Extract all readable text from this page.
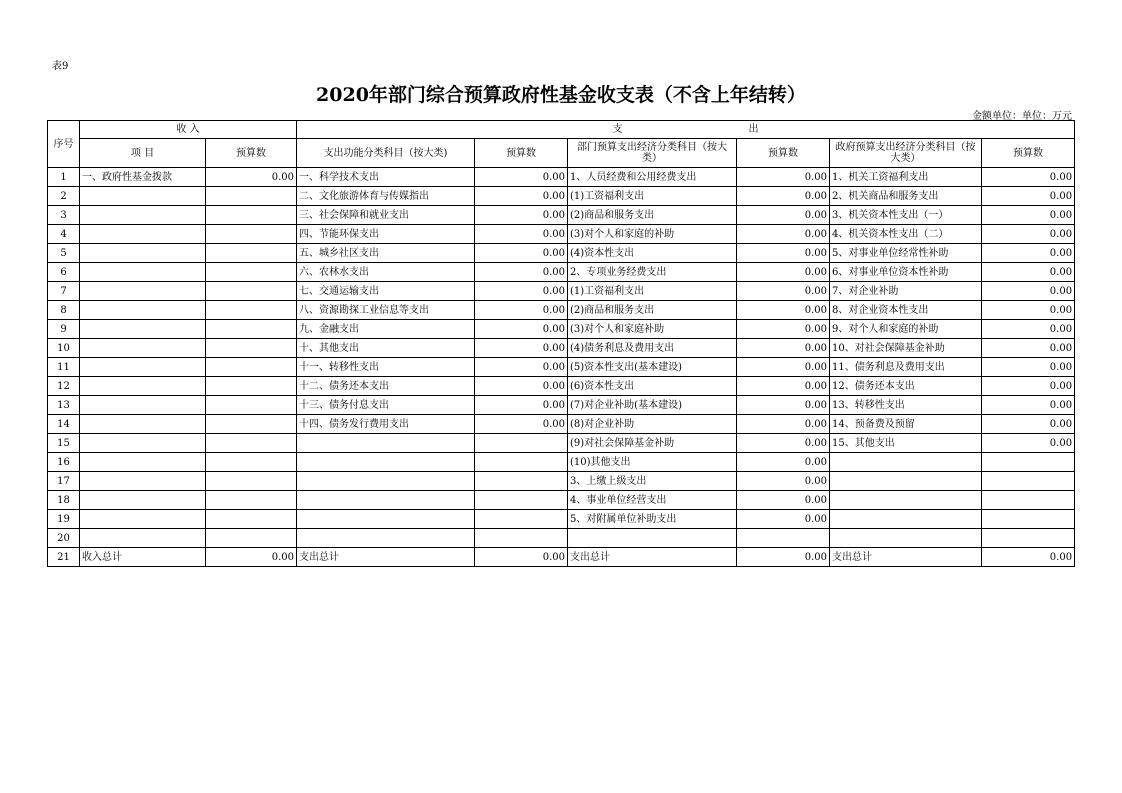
表9
2020年部门综合预算政府性基金收支表（不含上年结转）
金额单位：单位：万元
序号	收 入		支 出					
	项 目	预算数	支出功能分类科目（按大类)	预算数	部门预算支出经济分类科目（按大类）	预算数	政府预算支出经济分类科目（按大类）	预算数
1	一、政府性基金拨款	0.00	一、科学技术支出	0.00	1、人员经费和公用经费支出	0.00	1、机关工资福利支出	0.00
2			二、文化旅游体育与传媒指出	0.00	(1)工资福利支出	0.00	2、机关商品和服务支出	0.00
3			三、社会保障和就业支出	0.00	(2)商品和服务支出	0.00	3、机关资本性支出（一）	0.00
4			四、节能环保支出	0.00	(3)对个人和家庭的补助	0.00	4、机关资本性支出（二）	0.00
5			五、城乡社区支出	0.00	(4)资本性支出	0.00	5、对事业单位经常性补助	0.00
6			六、农林水支出	0.00	2、专项业务经费支出	0.00	6、对事业单位资本性补助	0.00
7			七、交通运输支出	0.00	(1)工资福利支出	0.00	7、对企业补助	0.00
8			八、资源勘探工业信息等支出	0.00	(2)商品和服务支出	0.00	8、对企业资本性支出	0.00
9			九、金融支出	0.00	(3)对个人和家庭补助	0.00	9、对个人和家庭的补助	0.00
10			十、其他支出	0.00	(4)债务利息及费用支出	0.00	10、对社会保障基金补助	0.00
11			十一、转移性支出	0.00	(5)资本性支出(基本建设)	0.00	11、债务利息及费用支出	0.00
12			十二、债务还本支出	0.00	(6)资本性支出	0.00	12、债务还本支出	0.00
13			十三、债务付息支出	0.00	(7)对企业补助(基本建设)	0.00	13、转移性支出	0.00
14			十四、债务发行费用支出	0.00	(8)对企业补助	0.00	14、预备费及预留	0.00
15					(9)对社会保障基金补助	0.00	15、其他支出	0.00
16					(10)其他支出	0.00		
17					3、上缴上级支出	0.00		
18					4、事业单位经营支出	0.00		
19					5、对附属单位补助支出	0.00		
20								
21	收入总计	0.00	支出总计	0.00	支出总计	0.00	支出总计	0.00
